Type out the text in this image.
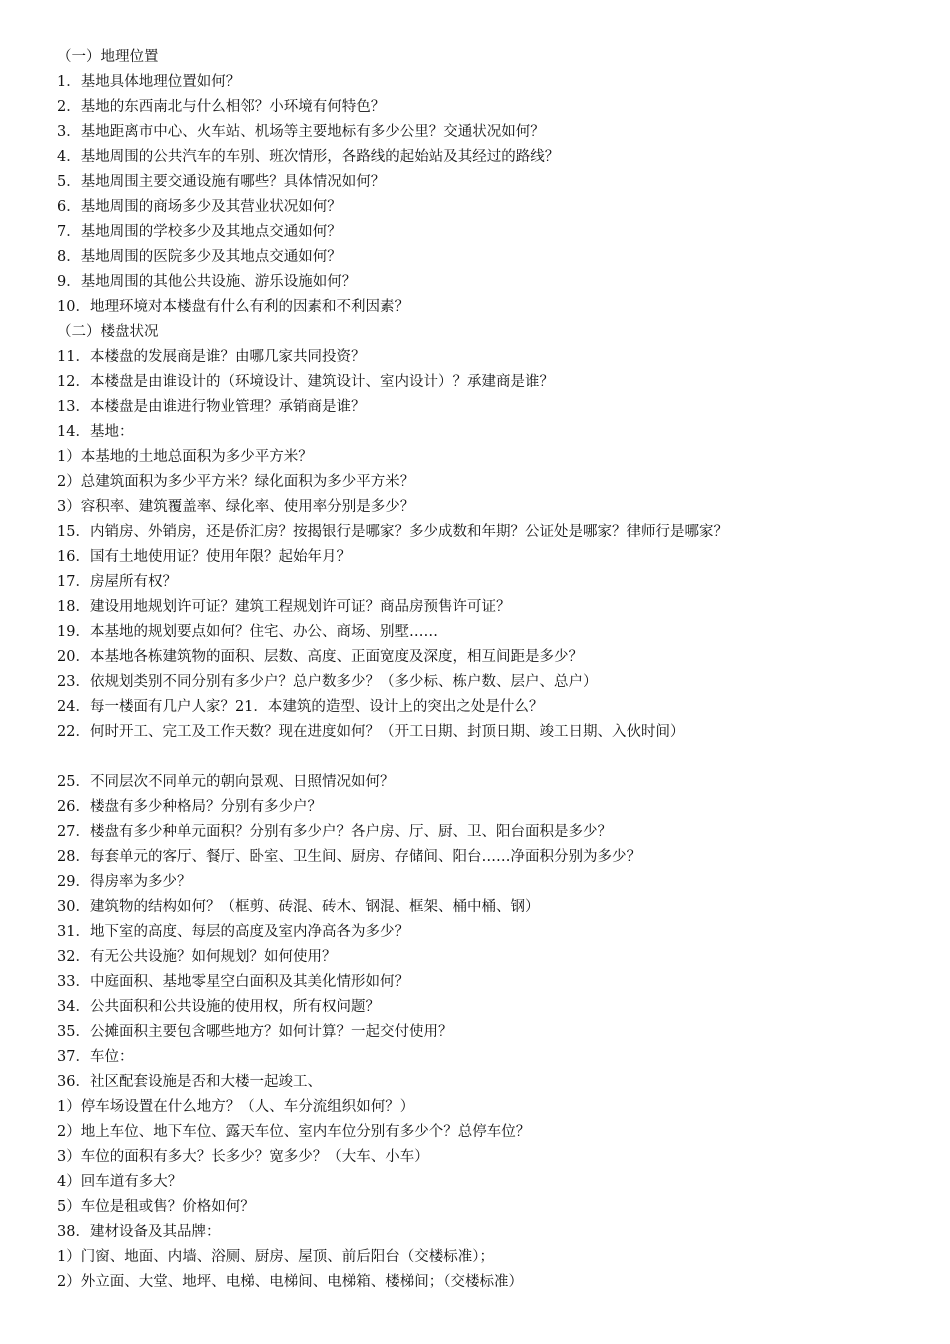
（一）地理位置
1．基地具体地理位置如何？
2．基地的东西南北与什么相邻？小环境有何特色？
3．基地距离市中心、火车站、机场等主要地标有多少公里？交通状况如何？
4．基地周围的公共汽车的车别、班次情形，各路线的起始站及其经过的路线？
5．基地周围主要交通设施有哪些？具体情况如何？
6．基地周围的商场多少及其营业状况如何？
7．基地周围的学校多少及其地点交通如何？
8．基地周围的医院多少及其地点交通如何？
9．基地周围的其他公共设施、游乐设施如何？
10．地理环境对本楼盘有什么有利的因素和不利因素？
（二）楼盘状况
11．本楼盘的发展商是谁？由哪几家共同投资？
12．本楼盘是由谁设计的（环境设计、建筑设计、室内设计）？承建商是谁？
13．本楼盘是由谁进行物业管理？承销商是谁？
14．基地：
1）本基地的土地总面积为多少平方米？
2）总建筑面积为多少平方米？绿化面积为多少平方米？
3）容积率、建筑覆盖率、绿化率、使用率分别是多少？
15．内销房、外销房，还是侨汇房？按揭银行是哪家？多少成数和年期？公证处是哪家？律师行是哪家？
16．国有土地使用证？使用年限？起始年月？
17．房屋所有权？
18．建设用地规划许可证？建筑工程规划许可证？商品房预售许可证？
19．本基地的规划要点如何？住宅、办公、商场、别墅……
20．本基地各栋建筑物的面积、层数、高度、正面宽度及深度，相互间距是多少？
23．依规划类别不同分别有多少户？总户数多少？（多少标、栋户数、层户、总户）
24．每一楼面有几户人家？21．本建筑的造型、设计上的突出之处是什么？
22．何时开工、完工及工作天数？现在进度如何？（开工日期、封顶日期、竣工日期、入伙时间）
25．不同层次不同单元的朝向景观、日照情况如何？
26．楼盘有多少种格局？分别有多少户？
27．楼盘有多少种单元面积？分别有多少户？各户房、厅、厨、卫、阳台面积是多少？
28．每套单元的客厅、餐厅、卧室、卫生间、厨房、存储间、阳台……净面积分别为多少？
29．得房率为多少？
30．建筑物的结构如何？（框剪、砖混、砖木、钢混、框架、桶中桶、钢）
31．地下室的高度、每层的高度及室内净高各为多少？
32．有无公共设施？如何规划？如何使用？
33．中庭面积、基地零星空白面积及其美化情形如何？
34．公共面积和公共设施的使用权，所有权问题？
35．公摊面积主要包含哪些地方？如何计算？一起交付使用？
37．车位：
36．社区配套设施是否和大楼一起竣工、
1）停车场设置在什么地方？（人、车分流组织如何？）
2）地上车位、地下车位、露天车位、室内车位分别有多少个？总停车位？
3）车位的面积有多大？长多少？宽多少？（大车、小车）
4）回车道有多大？
5）车位是租或售？价格如何？
38．建材设备及其品牌：
1）门窗、地面、内墙、浴厕、厨房、屋顶、前后阳台（交楼标准）；
2）外立面、大堂、地坪、电梯、电梯间、电梯箱、楼梯间；（交楼标准）
